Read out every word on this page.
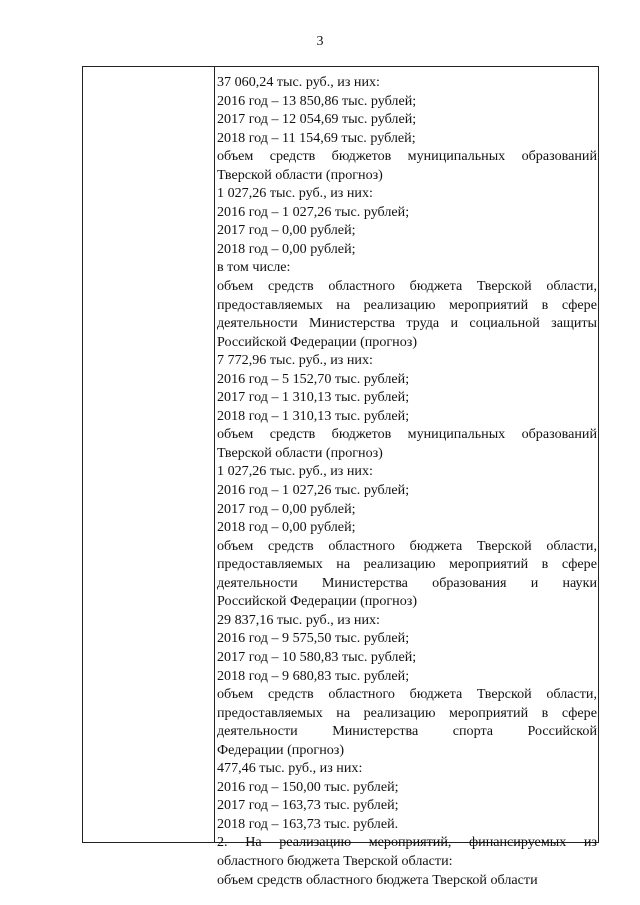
3
37 060,24 тыс. руб., из них:
2016 год – 13 850,86 тыс. рублей;
2017 год – 12 054,69 тыс. рублей;
2018 год – 11 154,69 тыс. рублей;
объем средств бюджетов муниципальных образований
Тверской области (прогноз)
1 027,26 тыс. руб., из них:
2016 год – 1 027,26 тыс. рублей;
2017 год – 0,00 рублей;
2018 год – 0,00 рублей;
в том числе:
объем средств областного бюджета Тверской области,
предоставляемых на реализацию мероприятий в сфере
деятельности Министерства труда и социальной защиты
Российской Федерации (прогноз)
7 772,96 тыс. руб., из них:
2016 год – 5 152,70 тыс. рублей;
2017 год – 1 310,13 тыс. рублей;
2018 год – 1 310,13 тыс. рублей;
объем средств бюджетов муниципальных образований
Тверской области (прогноз)
1 027,26 тыс. руб., из них:
2016 год – 1 027,26 тыс. рублей;
2017 год – 0,00 рублей;
2018 год – 0,00 рублей;
объем средств областного бюджета Тверской области,
предоставляемых на реализацию мероприятий в сфере
деятельности Министерства образования и науки
Российской Федерации (прогноз)
29 837,16 тыс. руб., из них:
2016 год – 9 575,50 тыс. рублей;
2017 год – 10 580,83 тыс. рублей;
2018 год – 9 680,83 тыс. рублей;
объем средств областного бюджета Тверской области,
предоставляемых на реализацию мероприятий в сфере
деятельности Министерства спорта Российской
Федерации (прогноз)
477,46 тыс. руб., из них:
2016 год – 150,00 тыс. рублей;
2017 год – 163,73 тыс. рублей;
2018 год – 163,73 тыс. рублей.
2. На реализацию мероприятий, финансируемых из
областного бюджета Тверской области:
объем средств областного бюджета Тверской области
